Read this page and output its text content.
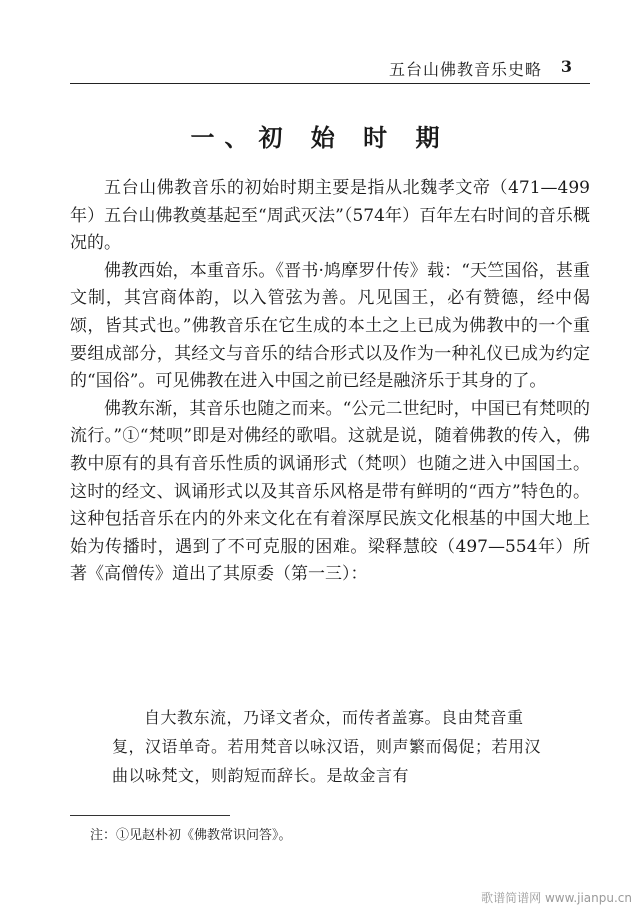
五台山佛教音乐史略 3
一、初 始 时 期

五台山佛教音乐的初始时期主要是指从北魏孝文帝（471—499年）五台山佛教奠基起至“周武灭法”（574年）百年左右时间的音乐概况的。

佛教西始，本重音乐。《晋书·鸠摩罗什传》载：“天竺国俗，甚重文制，其宫商体韵，以入管弦为善。凡见国王，必有赞德，经中偈颂，皆其式也。”佛教音乐在它生成的本土之上已成为佛教中的一个重要组成部分，其经文与音乐的结合形式以及作为一种礼仪已成为约定的“国俗”。可见佛教在进入中国之前已经是融济乐于其身的了。

佛教东渐，其音乐也随之而来。“公元二世纪时，中国已有梵呗的流行。”①“梵呗”即是对佛经的歌唱。这就是说，随着佛教的传入，佛教中原有的具有音乐性质的讽诵形式（梵呗）也随之进入中国国土。这时的经文、讽诵形式以及其音乐风格是带有鲜明的“西方”特色的。这种包括音乐在内的外来文化在有着深厚民族文化根基的中国大地上始为传播时，遇到了不可克服的困难。梁释慧皎（497—554年）所著《高僧传》道出了其原委（第一三）：

自大教东流，乃译文者众，而传者盖寡。良由梵音重复，汉语单奇。若用梵音以咏汉语，则声繁而偈促；若用汉曲以咏梵文，则韵短而辞长。是故金言有

注：①见赵朴初《佛教常识问答》。
歌谱简谱网 www.jianpu.cn
